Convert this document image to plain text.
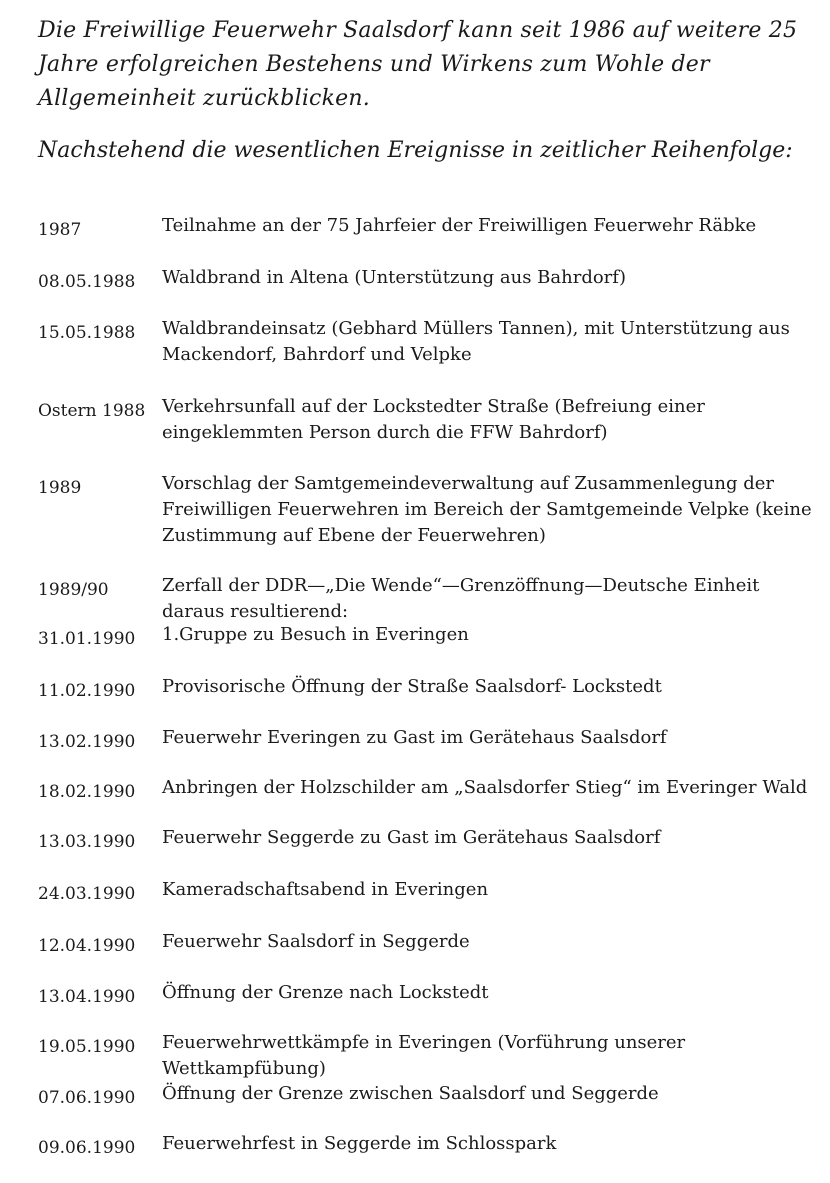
Die Freiwillige Feuerwehr Saalsdorf kann seit 1986 auf weitere 25 Jahre erfolgreichen Bestehens und Wirkens zum Wohle der Allgemeinheit zurückblicken.

Nachstehend die wesentlichen Ereignisse in zeitlicher Reihenfolge:

1987	Teilnahme an der 75 Jahrfeier der Freiwilligen Feuerwehr Räbke
08.05.1988	Waldbrand in Altena (Unterstützung aus Bahrdorf)
15.05.1988	Waldbrandeinsatz (Gebhard Müllers Tannen), mit Unterstützung aus Mackendorf, Bahrdorf und Velpke
Ostern 1988 Verkehrsunfall auf der Lockstedter Straße (Befreiung einer eingeklemmten Person durch die FFW Bahrdorf)
1989	Vorschlag der Samtgemeindeverwaltung auf Zusammenlegung der Freiwilligen Feuerwehren im Bereich der Samtgemeinde Velpke (keine Zustimmung auf Ebene der Feuerwehren)
1989/90	Zerfall der DDR—„Die Wende“—Grenzöffnung—Deutsche Einheit daraus resultierend:
31.01.1990	1.Gruppe zu Besuch in Everingen
11.02.1990	Provisorische Öffnung der Straße Saalsdorf- Lockstedt
13.02.1990	Feuerwehr Everingen zu Gast im Gerätehaus Saalsdorf
18.02.1990	Anbringen der Holzschilder am „Saalsdorfer Stieg“ im Everinger Wald
13.03.1990	Feuerwehr Seggerde zu Gast im Gerätehaus Saalsdorf
24.03.1990	Kameradschaftsabend in Everingen
12.04.1990	Feuerwehr Saalsdorf in Seggerde
13.04.1990	Öffnung der Grenze nach Lockstedt
19.05.1990	Feuerwehrwettkämpfe in Everingen (Vorführung unserer Wettkampfübung)
07.06.1990	Öffnung der Grenze zwischen Saalsdorf und Seggerde
09.06.1990	Feuerwehrfest in Seggerde im Schlosspark
